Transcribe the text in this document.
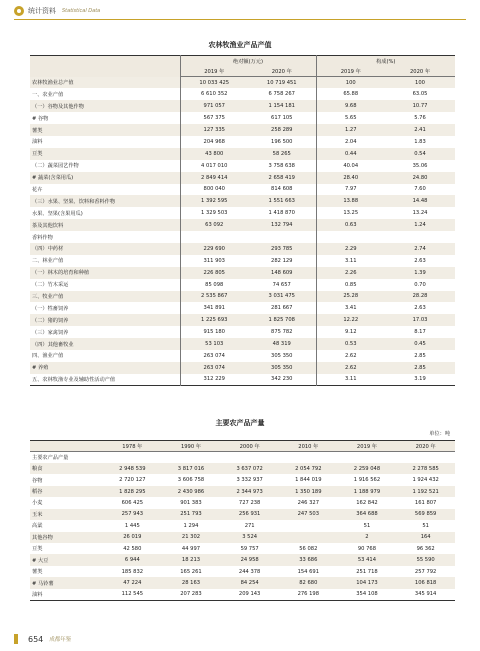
统计资料 Statistical Data
农林牧渔业产品产值
	绝对额(万元)		构成(%)	
	2019 年	2020 年	2019 年	2020 年
农林牧渔业总产值	10 033 425	10 719 451	100	100
一、农业产值	6 610 352	6 758 267	65.88	63.05
（一）谷物及其他作物	971 057	1 154 181	9.68	10.77
# 谷物	567 375	617 105	5.65	5.76
薯类	127 335	258 289	1.27	2.41
油料	204 968	196 500	2.04	1.83
豆类	43 800	58 265	0.44	0.54
（二）蔬菜园艺作物	4 017 010	3 758 638	40.04	35.06
# 蔬菜(含菜用瓜)	2 849 414	2 658 419	28.40	24.80
花卉	800 040	814 608	7.97	7.60
（三）水果、坚果、饮料和香料作物	1 392 595	1 551 663	13.88	14.48
水果、坚果(含果用瓜)	1 329 503	1 418 870	13.25	13.24
茶及其他饮料	63 092	132 794	0.63	1.24
香料作物				
（四）中药材	229 690	293 785	2.29	2.74
二、林业产值	311 903	282 129	3.11	2.63
（一）林木的培育和种植	226 805	148 609	2.26	1.39
（二）竹木采运	85 098	74 657	0.85	0.70
三、牧业产值	2 535 867	3 031 475	25.28	28.28
（一）牲畜饲养	341 891	281 667	3.41	2.63
（二）猪的饲养	1 225 693	1 825 708	12.22	17.03
（三）家禽饲养	915 180	875 782	9.12	8.17
（四）其他畜牧业	53 103	48 319	0.53	0.45
四、渔业产值	263 074	305 350	2.62	2.85
# 养殖	263 074	305 350	2.62	2.85
五、农林牧渔专业及辅助性活动产值	312 229	342 230	3.11	3.19
主要农产品产量
单位：吨
	1978 年	1990 年	2000 年	2010 年	2019 年	2020 年
主要农产品产量						
粮食	2 948 539	3 817 016	3 637 072	2 054 792	2 259 048	2 278 585
谷物	2 720 127	3 606 758	3 332 937	1 844 019	1 916 562	1 924 432
稻谷	1 828 295	2 430 986	2 344 973	1 350 189	1 188 979	1 192 521
小麦	606 425	901 383	727 238	246 327	162 842	161 807
玉米	257 943	251 793	256 931	247 503	364 688	569 859
高粱	1 445	1 294	271		51	51
其他谷物	26 019	21 302	3 524		2	164
豆类	42 580	44 997	59 757	56 082	90 768	96 362
# 大豆	6 944	18 213	24 958	33 686	53 414	55 590
薯类	185 832	165 261	244 378	154 691	251 718	257 792
# 马铃薯	47 224	28 163	84 254	82 680	104 173	106 818
油料	112 545	207 283	209 143	276 198	354 108	345 914
654 成都年鉴
